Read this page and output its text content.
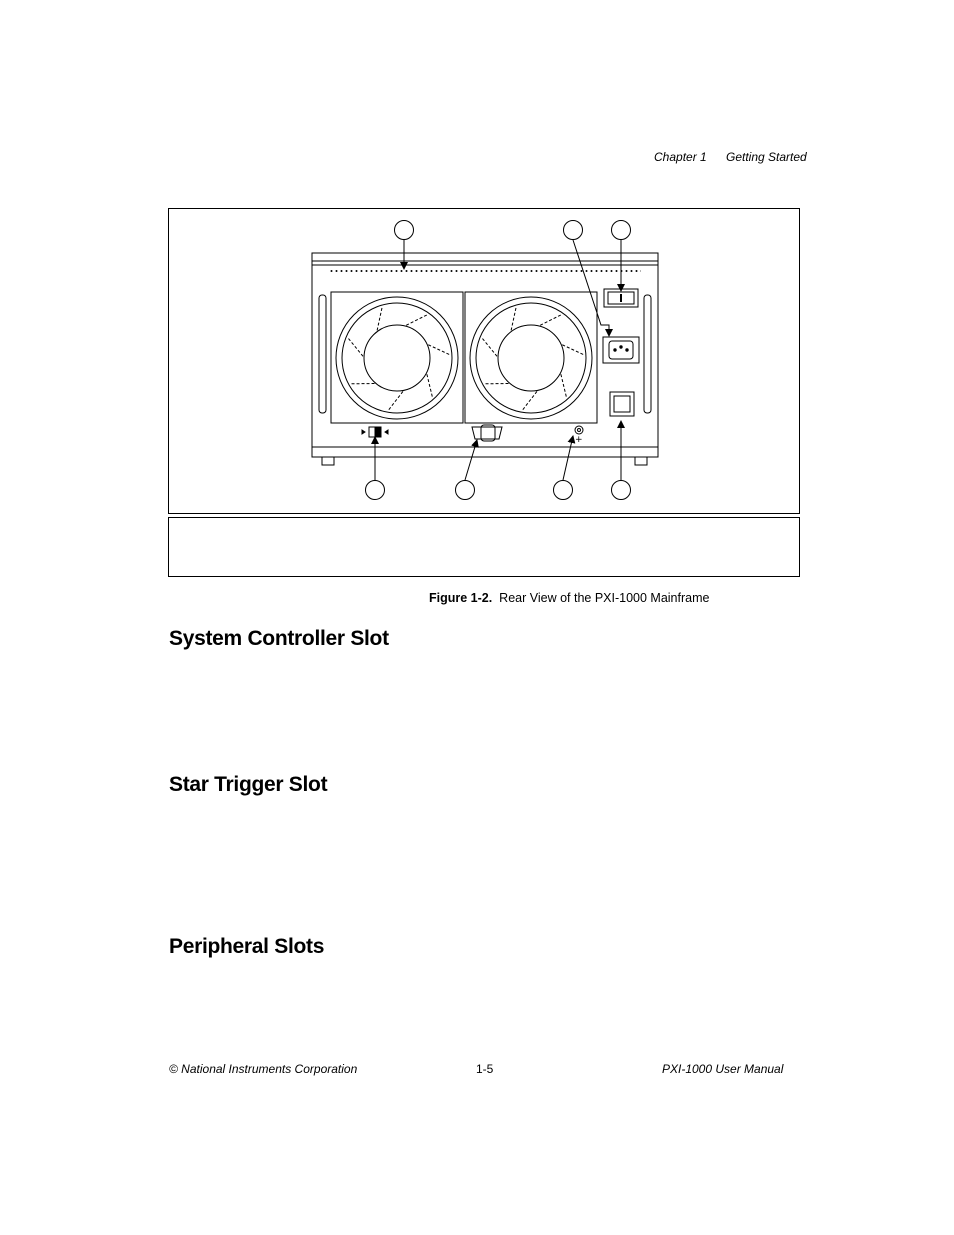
Chapter 1 Getting Started
+
Figure 1-2. Rear View of the PXI-1000 Mainframe
System Controller Slot
Star Trigger Slot
Peripheral Slots
© National Instruments Corporation	1-5	PXI-1000 User Manual
